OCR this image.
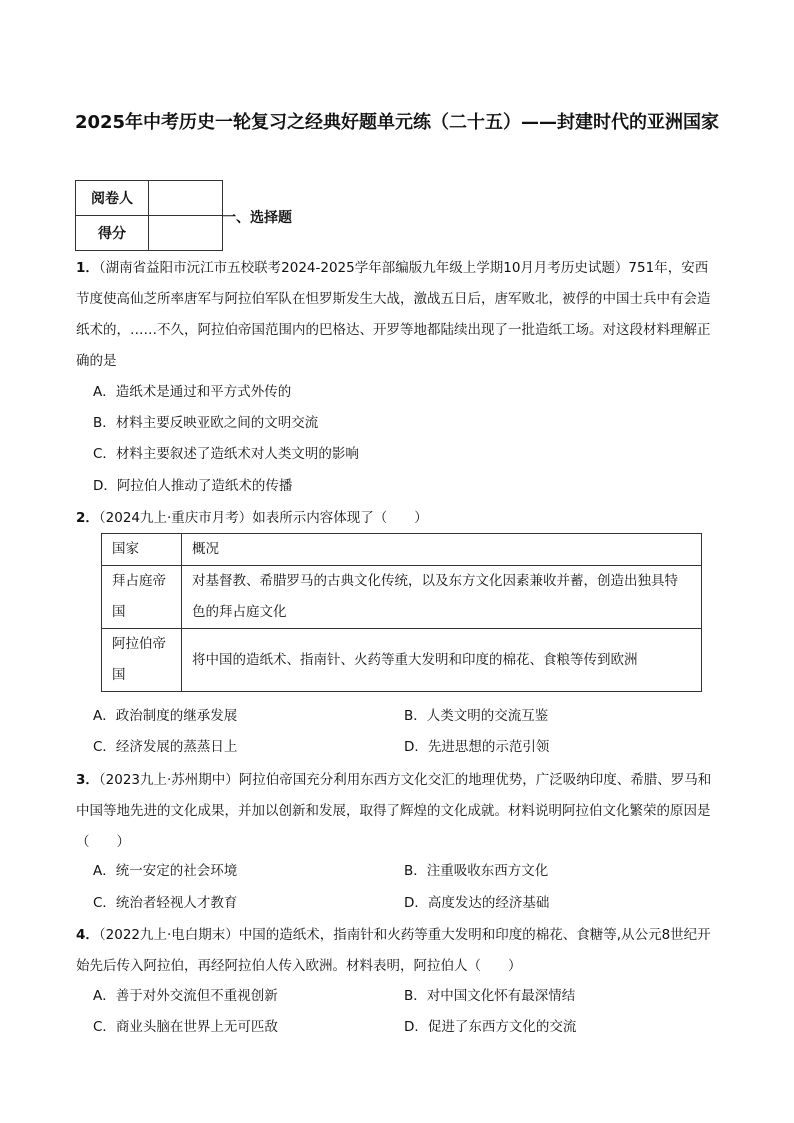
2025年中考历史一轮复习之经典好题单元练（二十五）——封建时代的亚洲国家
阅卷人	
得分	
一、选择题
1．（湖南省益阳市沅江市五校联考2024-2025学年部编版九年级上学期10月月考历史试题）751年，安西节度使高仙芝所率唐军与阿拉伯军队在怛罗斯发生大战，激战五日后，唐军败北，被俘的中国士兵中有会造纸术的，……不久，阿拉伯帝国范围内的巴格达、开罗等地都陆续出现了一批造纸工场。对这段材料理解正确的是
A．造纸术是通过和平方式外传的
B．材料主要反映亚欧之间的文明交流
C．材料主要叙述了造纸术对人类文明的影响
D．阿拉伯人推动了造纸术的传播
2．（2024九上·重庆市月考）如表所示内容体现了（　　）
国家	概况
拜占庭帝国	对基督教、希腊罗马的古典文化传统，以及东方文化因素兼收并蓄，创造出独具特色的拜占庭文化
阿拉伯帝国	将中国的造纸术、指南针、火药等重大发明和印度的棉花、食粮等传到欧洲
A．政治制度的继承发展	B．人类文明的交流互鉴
C．经济发展的蒸蒸日上	D．先进思想的示范引领
3．（2023九上·苏州期中）阿拉伯帝国充分利用东西方文化交汇的地理优势，广泛吸纳印度、希腊、罗马和中国等地先进的文化成果，并加以创新和发展，取得了辉煌的文化成就。材料说明阿拉伯文化繁荣的原因是（　　）
A．统一安定的社会环境	B．注重吸收东西方文化
C．统治者轻视人才教育	D．高度发达的经济基础
4．（2022九上·电白期末）中国的造纸术，指南针和火药等重大发明和印度的棉花、食糖等,从公元8世纪开始先后传入阿拉伯，再经阿拉伯人传入欧洲。材料表明，阿拉伯人（　　）
A．善于对外交流但不重视创新	B．对中国文化怀有最深情结
C．商业头脑在世界上无可匹敌	D．促进了东西方文化的交流
